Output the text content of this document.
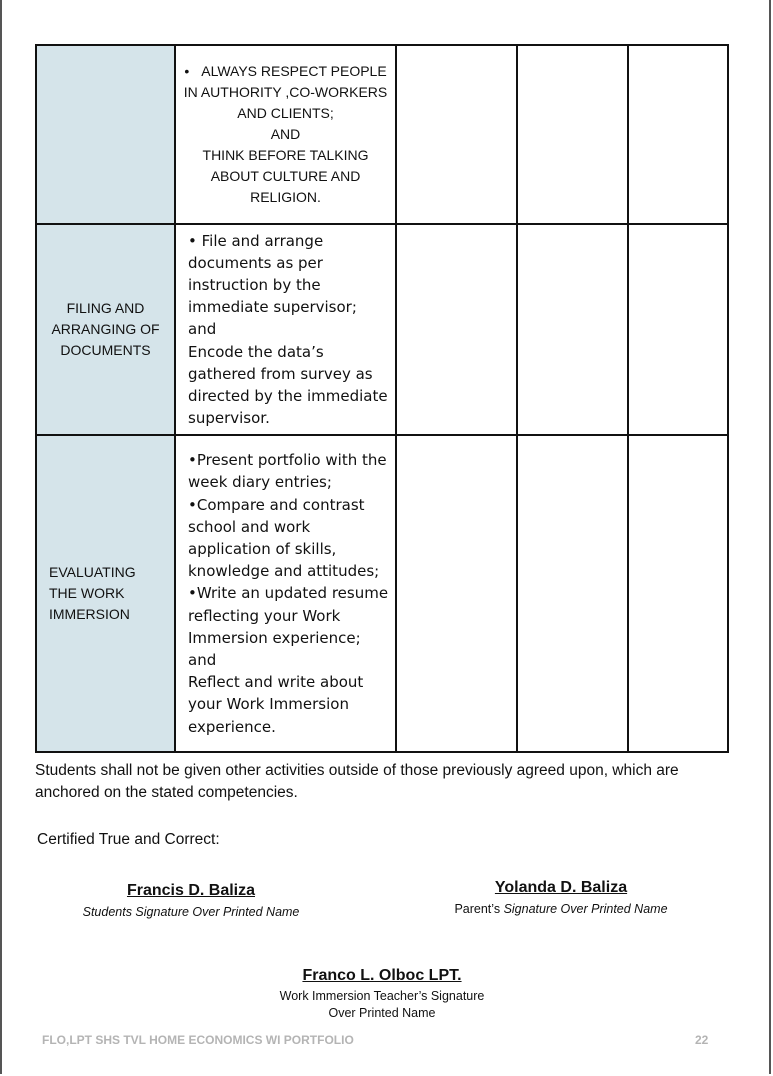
	• ALWAYS RESPECT PEOPLE IN AUTHORITY ,CO-WORKERS AND CLIENTS;
AND
THINK BEFORE TALKING ABOUT CULTURE AND RELIGION.			

FILING AND ARRANGING OF DOCUMENTS	• File and arrange documents as per instruction by the immediate supervisor; and
Encode the data’s gathered from survey as directed by the immediate supervisor.			

EVALUATING THE WORK IMMERSION	•Present portfolio with the week diary entries;
•Compare and contrast school and work application of skills, knowledge and attitudes;
•Write an updated resume reflecting your Work Immersion experience;
and
Reflect and write about your Work Immersion experience.			

Students shall not be given other activities outside of those previously agreed upon, which are anchored on the stated competencies.
Certified True and Correct:
Francis D. Baliza
Students Signature Over Printed Name
Yolanda D. Baliza
Parent’s Signature Over Printed Name
Franco L. Olboc LPT.
Work Immersion Teacher’s Signature
Over Printed Name
FLO,LPT SHS TVL HOME ECONOMICS WI PORTFOLIO	22
